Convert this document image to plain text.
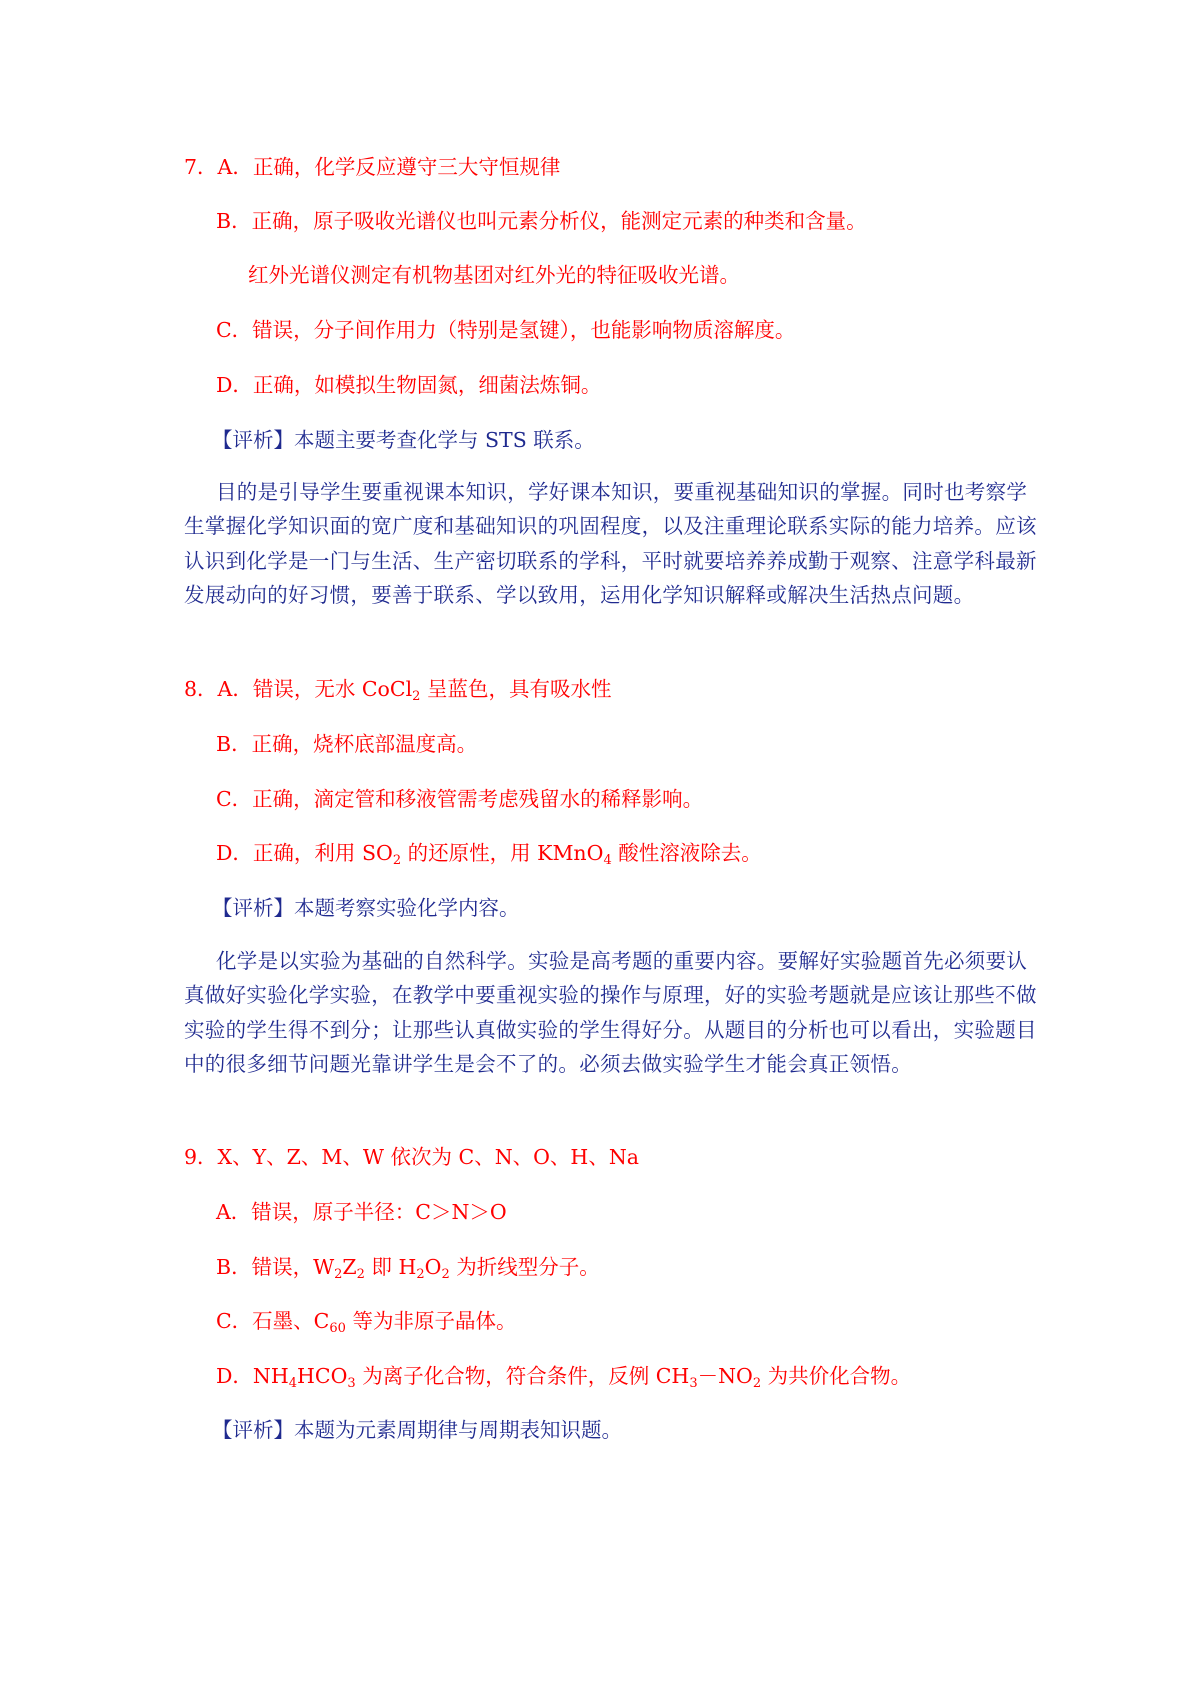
7．A．正确，化学反应遵守三大守恒规律

B．正确，原子吸收光谱仪也叫元素分析仪，能测定元素的种类和含量。

红外光谱仪测定有机物基团对红外光的特征吸收光谱。

C．错误，分子间作用力（特别是氢键），也能影响物质溶解度。

D．正确，如模拟生物固氮，细菌法炼铜。

【评析】本题主要考查化学与 STS 联系。

目的是引导学生要重视课本知识，学好课本知识，要重视基础知识的掌握。同时也考察学生掌握化学知识面的宽广度和基础知识的巩固程度，以及注重理论联系实际的能力培养。应该认识到化学是一门与生活、生产密切联系的学科，平时就要培养养成勤于观察、注意学科最新发展动向的好习惯，要善于联系、学以致用，运用化学知识解释或解决生活热点问题。

8．A．错误，无水 CoCl$_2$ 呈蓝色，具有吸水性

B．正确，烧杯底部温度高。

C．正确，滴定管和移液管需考虑残留水的稀释影响。

D．正确，利用 $SO_2$ 的还原性，用 KMnO$_4$ 酸性溶液除去。

【评析】本题考察实验化学内容。

化学是以实验为基础的自然科学。实验是高考题的重要内容。要解好实验题首先必须要认真做好实验化学实验，在教学中要重视实验的操作与原理，好的实验考题就是应该让那些不做实验的学生得不到分；让那些认真做实验的学生得好分。从题目的分析也可以看出，实验题目中的很多细节问题光靠讲学生是会不了的。必须去做实验学生才能会真正领悟。

9．X、Y、Z、M、W 依次为 C、N、O、H、Na

A．错误，原子半径：C＞N＞O

B．错误，$W_2Z_2$ 即 $H_2O_2$ 为折线型分子。

C．石墨、$C_{60}$ 等为非原子晶体。

D．$NH_4HCO_3$ 为离子化合物，符合条件，反例 $CH_3-NO_2$ 为共价化合物。

【评析】本题为元素周期律与周期表知识题。
